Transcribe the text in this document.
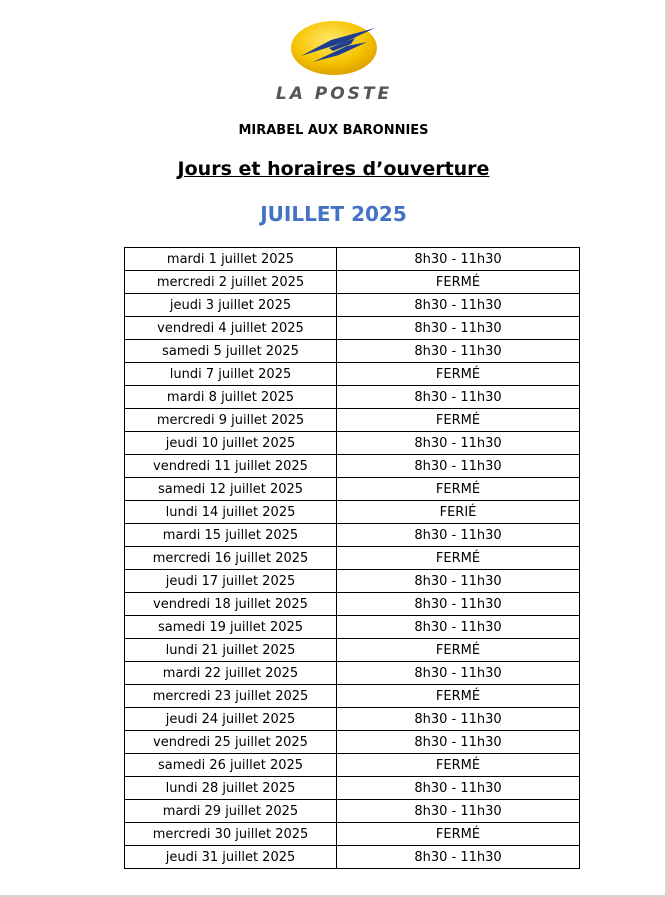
LA POSTE
MIRABEL AUX BARONNIES
Jours et horaires d’ouverture
JUILLET 2025
mardi 1 juillet 2025	8h30 - 11h30
mercredi 2 juillet 2025	FERMÉ
jeudi 3 juillet 2025	8h30 - 11h30
vendredi 4 juillet 2025	8h30 - 11h30
samedi 5 juillet 2025	8h30 - 11h30
lundi 7 juillet 2025	FERMÉ
mardi 8 juillet 2025	8h30 - 11h30
mercredi 9 juillet 2025	FERMÉ
jeudi 10 juillet 2025	8h30 - 11h30
vendredi 11 juillet 2025	8h30 - 11h30
samedi 12 juillet 2025	FERMÉ
lundi 14 juillet 2025	FERIÉ
mardi 15 juillet 2025	8h30 - 11h30
mercredi 16 juillet 2025	FERMÉ
jeudi 17 juillet 2025	8h30 - 11h30
vendredi 18 juillet 2025	8h30 - 11h30
samedi 19 juillet 2025	8h30 - 11h30
lundi 21 juillet 2025	FERMÉ
mardi 22 juillet 2025	8h30 - 11h30
mercredi 23 juillet 2025	FERMÉ
jeudi 24 juillet 2025	8h30 - 11h30
vendredi 25 juillet 2025	8h30 - 11h30
samedi 26 juillet 2025	FERMÉ
lundi 28 juillet 2025	8h30 - 11h30
mardi 29 juillet 2025	8h30 - 11h30
mercredi 30 juillet 2025	FERMÉ
jeudi 31 juillet 2025	8h30 - 11h30
